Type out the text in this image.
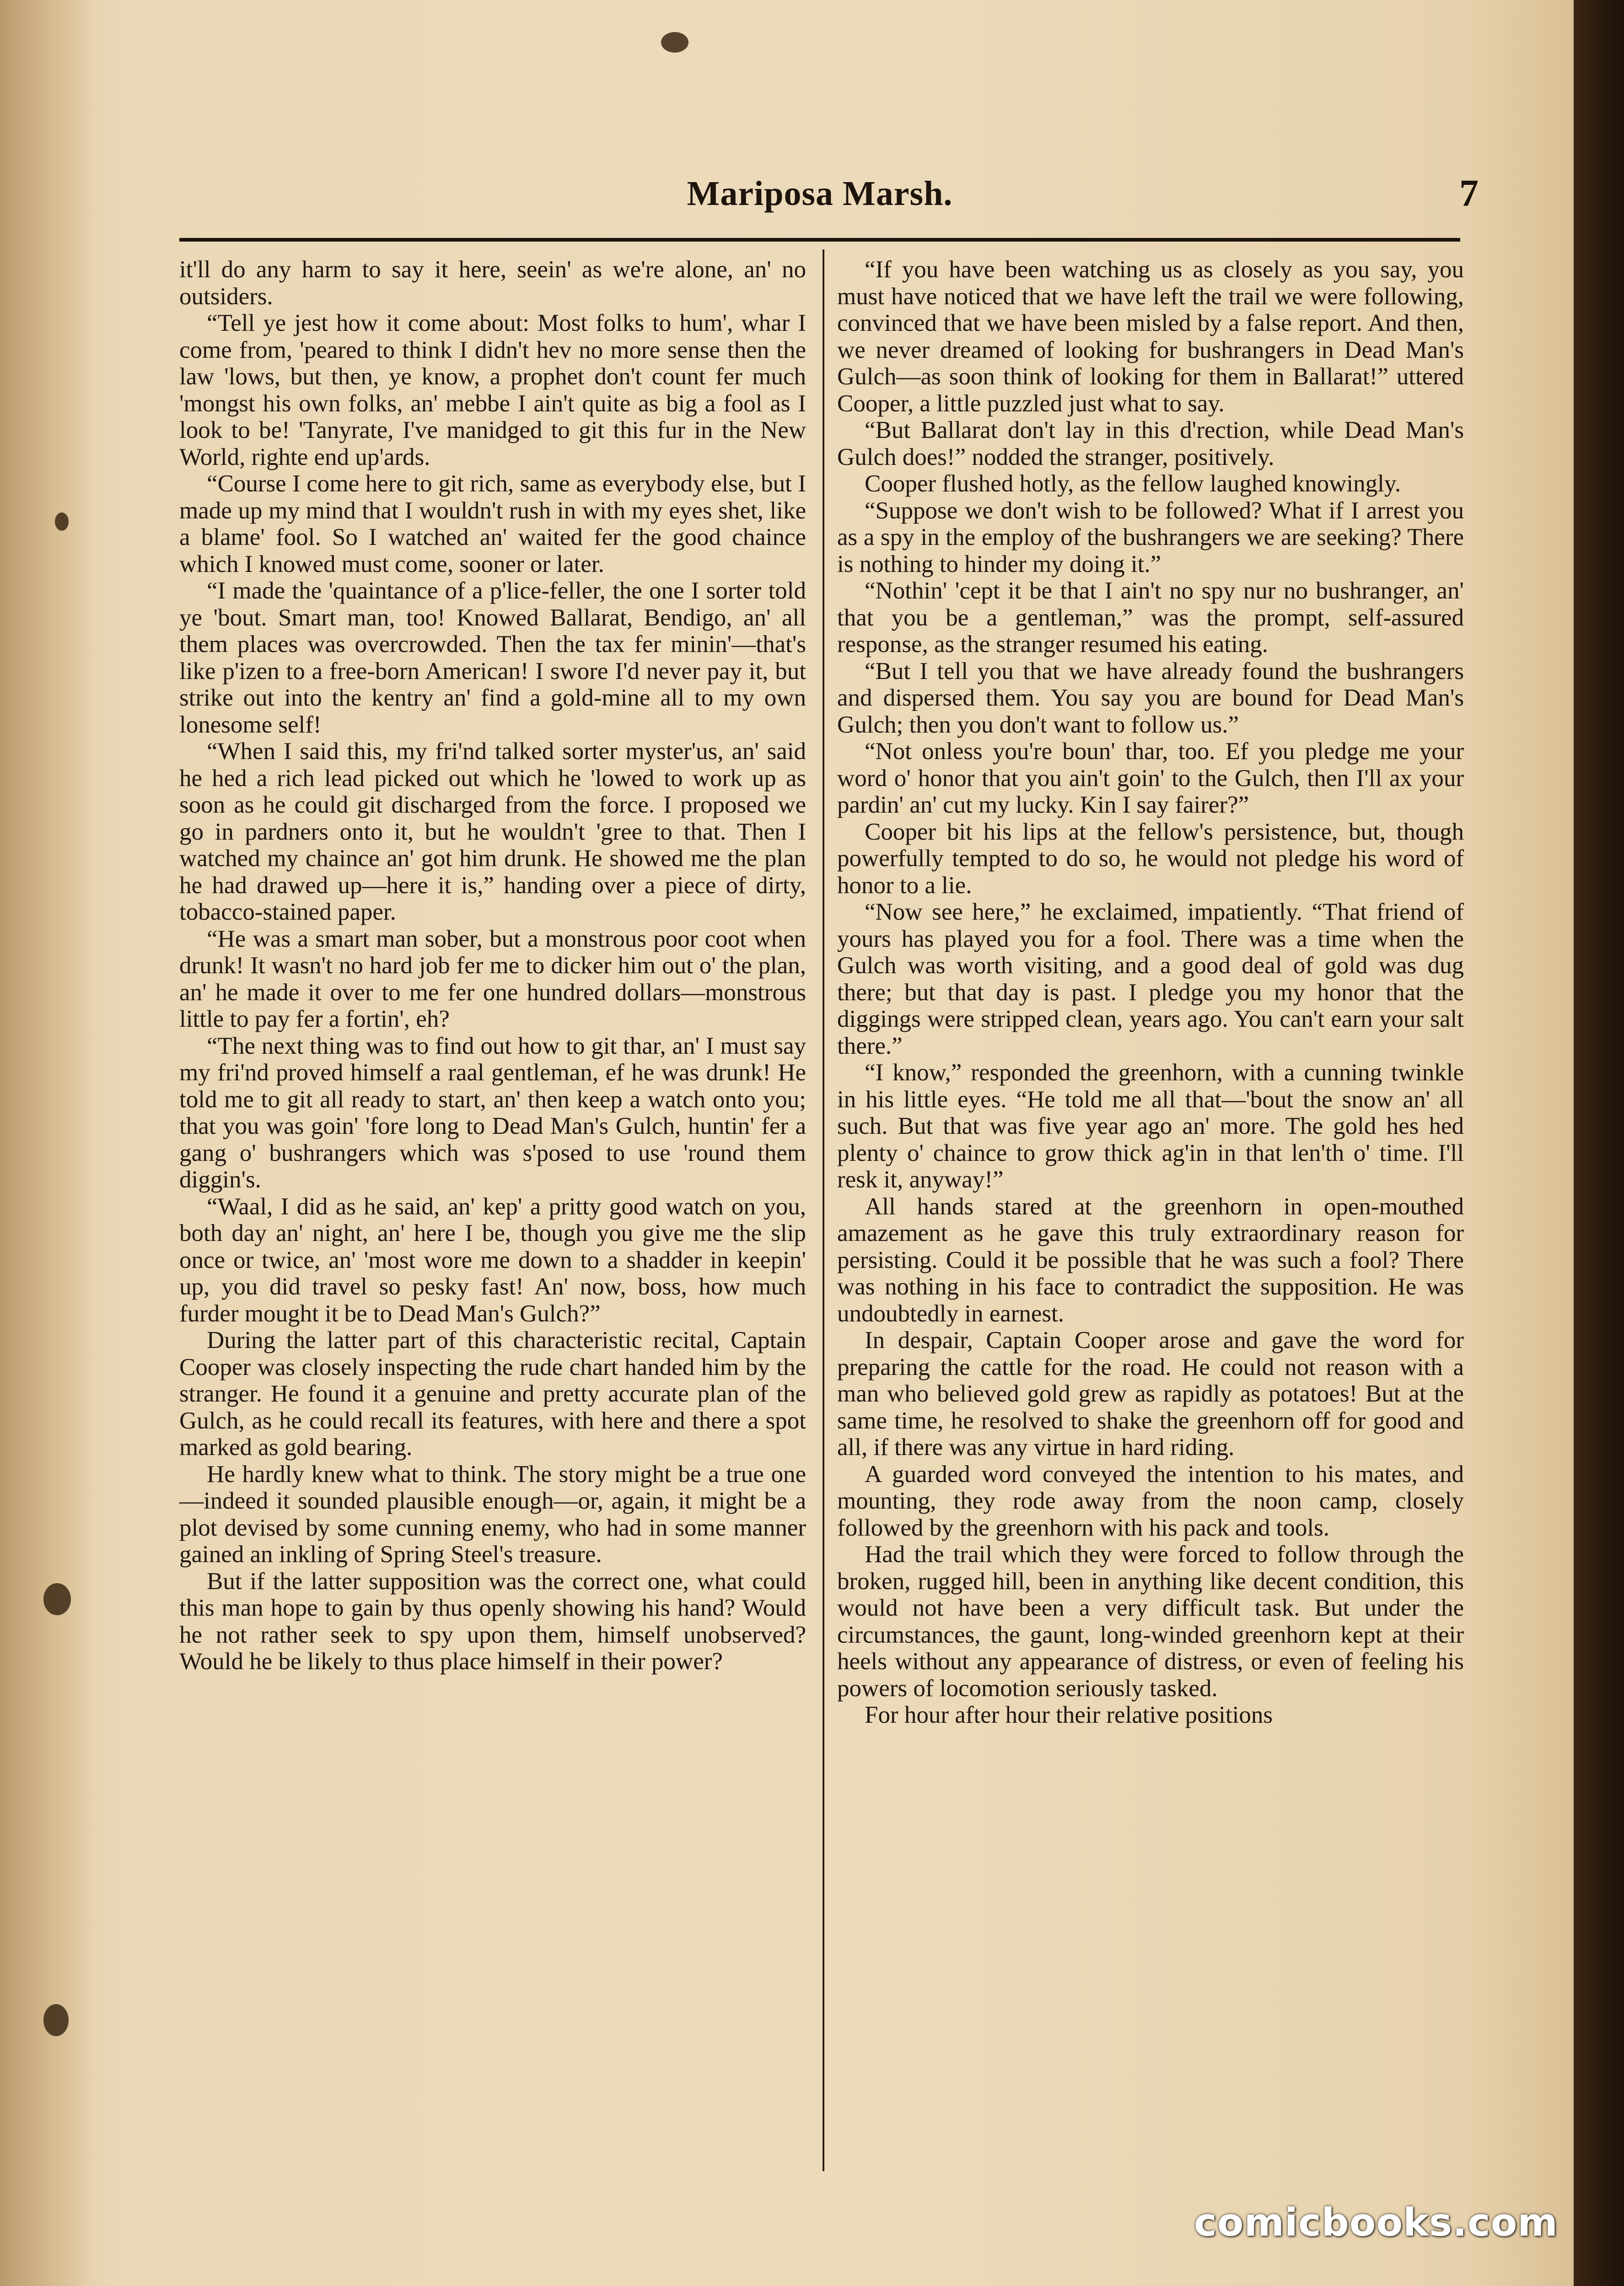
Mariposa Marsh.	7

it'll do any harm to say it here, seein' as we're alone, an' no outsiders.

“Tell ye jest how it come about: Most folks to hum', whar I come from, 'peared to think I didn't hev no more sense then the law 'lows, but then, ye know, a prophet don't count fer much 'mongst his own folks, an' mebbe I ain't quite as big a fool as I look to be! 'Tanyrate, I've manidged to git this fur in the New World, righte end up'ards.

“Course I come here to git rich, same as everybody else, but I made up my mind that I wouldn't rush in with my eyes shet, like a blame' fool. So I watched an' waited fer the good chaince which I knowed must come, sooner or later.

“I made the 'quaintance of a p'lice-feller, the one I sorter told ye 'bout. Smart man, too! Knowed Ballarat, Bendigo, an' all them places was overcrowded. Then the tax fer minin'—that's like p'izen to a free-born American! I swore I'd never pay it, but strike out into the kentry an' find a gold-mine all to my own lonesome self!

“When I said this, my fri'nd talked sorter myster'us, an' said he hed a rich lead picked out which he 'lowed to work up as soon as he could git discharged from the force. I proposed we go in pardners onto it, but he wouldn't 'gree to that. Then I watched my chaince an' got him drunk. He showed me the plan he had drawed up—here it is,” handing over a piece of dirty, tobacco-stained paper.

“He was a smart man sober, but a monstrous poor coot when drunk! It wasn't no hard job fer me to dicker him out o' the plan, an' he made it over to me fer one hundred dollars—monstrous little to pay fer a fortin', eh?

“The next thing was to find out how to git thar, an' I must say my fri'nd proved himself a raal gentleman, ef he was drunk! He told me to git all ready to start, an' then keep a watch onto you; that you was goin' 'fore long to Dead Man's Gulch, huntin' fer a gang o' bushrangers which was s'posed to use 'round them diggin's.

“Waal, I did as he said, an' kep' a pritty good watch on you, both day an' night, an' here I be, though you give me the slip once or twice, an' 'most wore me down to a shadder in keepin' up, you did travel so pesky fast! An' now, boss, how much furder mought it be to Dead Man's Gulch?”

During the latter part of this characteristic recital, Captain Cooper was closely inspecting the rude chart handed him by the stranger. He found it a genuine and pretty accurate plan of the Gulch, as he could recall its features, with here and there a spot marked as gold bearing.

He hardly knew what to think. The story might be a true one—indeed it sounded plausible enough—or, again, it might be a plot devised by some cunning enemy, who had in some manner gained an inkling of Spring Steel's treasure.

But if the latter supposition was the correct one, what could this man hope to gain by thus openly showing his hand? Would he not rather seek to spy upon them, himself unobserved? Would he be likely to thus place himself in their power?

“If you have been watching us as closely as you say, you must have noticed that we have left the trail we were following, convinced that we have been misled by a false report. And then, we never dreamed of looking for bushrangers in Dead Man's Gulch—as soon think of looking for them in Ballarat!” uttered Cooper, a little puzzled just what to say.

“But Ballarat don't lay in this d'rection, while Dead Man's Gulch does!” nodded the stranger, positively.

Cooper flushed hotly, as the fellow laughed knowingly.

“Suppose we don't wish to be followed? What if I arrest you as a spy in the employ of the bushrangers we are seeking? There is nothing to hinder my doing it.”

“Nothin' 'cept it be that I ain't no spy nur no bushranger, an' that you be a gentleman,” was the prompt, self-assured response, as the stranger resumed his eating.

“But I tell you that we have already found the bushrangers and dispersed them. You say you are bound for Dead Man's Gulch; then you don't want to follow us.”

“Not onless you're boun' thar, too. Ef you pledge me your word o' honor that you ain't goin' to the Gulch, then I'll ax your pardin' an' cut my lucky. Kin I say fairer?”

Cooper bit his lips at the fellow's persistence, but, though powerfully tempted to do so, he would not pledge his word of honor to a lie.

“Now see here,” he exclaimed, impatiently. “That friend of yours has played you for a fool. There was a time when the Gulch was worth visiting, and a good deal of gold was dug there; but that day is past. I pledge you my honor that the diggings were stripped clean, years ago. You can't earn your salt there.”

“I know,” responded the greenhorn, with a cunning twinkle in his little eyes. “He told me all that—'bout the snow an' all such. But that was five year ago an' more. The gold hes hed plenty o' chaince to grow thick ag'in in that len'th o' time. I'll resk it, anyway!”

All hands stared at the greenhorn in open-mouthed amazement as he gave this truly extraordinary reason for persisting. Could it be possible that he was such a fool? There was nothing in his face to contradict the supposition. He was undoubtedly in earnest.

In despair, Captain Cooper arose and gave the word for preparing the cattle for the road. He could not reason with a man who believed gold grew as rapidly as potatoes! But at the same time, he resolved to shake the greenhorn off for good and all, if there was any virtue in hard riding.

A guarded word conveyed the intention to his mates, and mounting, they rode away from the noon camp, closely followed by the greenhorn with his pack and tools.

Had the trail which they were forced to follow through the broken, rugged hill, been in anything like decent condition, this would not have been a very difficult task. But under the circumstances, the gaunt, long-winded greenhorn kept at their heels without any appearance of distress, or even of feeling his powers of locomotion seriously tasked.

For hour after hour their relative positions

comicbooks.com
